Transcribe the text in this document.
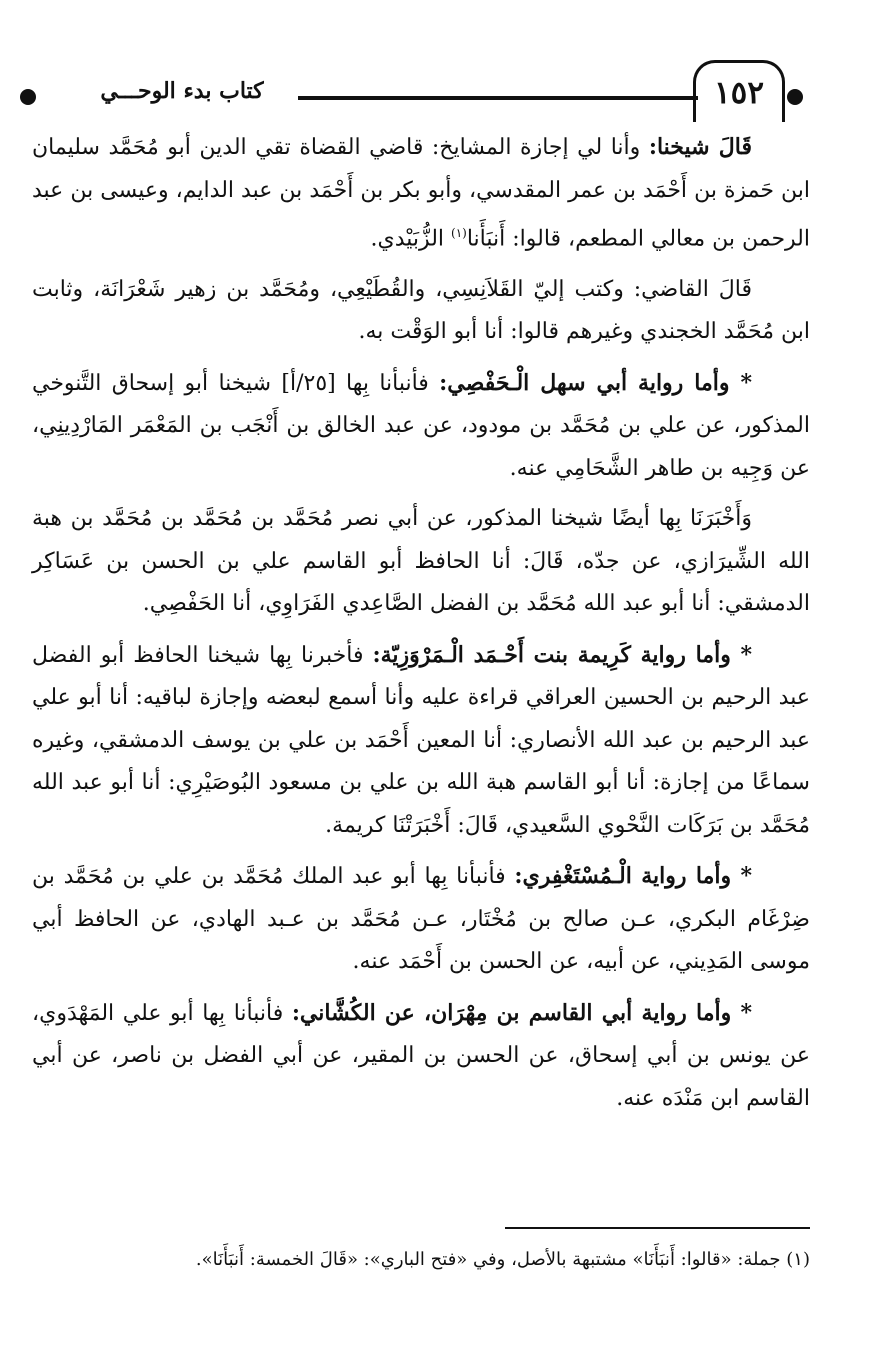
١٥٢
كتاب بدء الوحـــي

قَالَ شيخنا: وأنا لي إجازة المشايخ: قاضي القضاة تقي الدين أبو مُحَمَّد سليمان ابن حَمزة بن أَحْمَد بن عمر المقدسي، وأبو بكر بن أَحْمَد بن عبد الدايم، وعيسى بن عبد الرحمن بن معالي المطعم، قالوا: أَنبَأَنا$^{(١)}$ الزُّبَيْدي.

قَالَ القاضي: وكتب إليّ القَلاَنِسِي، والقُطَيْعِي، ومُحَمَّد بن زهير شَعْرَانَة، وثابت ابن مُحَمَّد الخجندي وغيرهم قالوا: أنا أبو الوَقْت به.

* وأما رواية أبي سهل الْـحَفْصِي: فأنبأنا بِها [٢٥/أ] شيخنا أبو إسحاق التَّنوخي المذكور، عن علي بن مُحَمَّد بن مودود، عن عبد الخالق بن أَنْجَب بن المَعْمَر المَارْدِينِي، عن وَجِيه بن طاهر الشَّحَامِي عنه.

وَأَخْبَرَنَا بِها أيضًا شيخنا المذكور، عن أبي نصر مُحَمَّد بن مُحَمَّد بن مُحَمَّد بن هبة الله الشِّيرَازي، عن جدّه، قَالَ: أنا الحافظ أبو القاسم علي بن الحسن بن عَسَاكِر الدمشقي: أنا أبو عبد الله مُحَمَّد بن الفضل الصَّاعِدي الفَرَاوِي، أنا الحَفْصِي.

* وأما رواية كَرِيمة بنت أَحْـمَد الْـمَرْوَزِيّة: فأخبرنا بِها شيخنا الحافظ أبو الفضل عبد الرحيم بن الحسين العراقي قراءة عليه وأنا أسمع لبعضه وإجازة لباقيه: أنا أبو علي عبد الرحيم بن عبد الله الأنصاري: أنا المعين أَحْمَد بن علي بن يوسف الدمشقي، وغيره سماعًا من إجازة: أنا أبو القاسم هبة الله بن علي بن مسعود البُوصَيْرِي: أنا أبو عبد الله مُحَمَّد بن بَرَكَات النَّحْوي السَّعيدي، قَالَ: أَخْبَرَتْنَا كريمة.

* وأما رواية الْـمُسْتَغْفِري: فأنبأنا بِها أبو عبد الملك مُحَمَّد بن علي بن مُحَمَّد بن ضِرْغَام البكري، عـن صالح بن مُخْتَار، عـن مُحَمَّد بن عـبد الهادي، عن الحافظ أبي موسى المَدِيني، عن أبيه، عن الحسن بن أَحْمَد عنه.

* وأما رواية أبي القاسم بن مِهْرَان، عن الكُشَّاني: فأنبأنا بِها أبو علي المَهْدَوي، عن يونس بن أبي إسحاق، عن الحسن بن المقير، عن أبي الفضل بن ناصر، عن أبي القاسم ابن مَنْدَه عنه.

(١) جملة: «قالوا: أَنبَأَنَا» مشتبهة بالأصل، وفي «فتح الباري»: «قَالَ الخمسة: أَنبَأَنَا».
